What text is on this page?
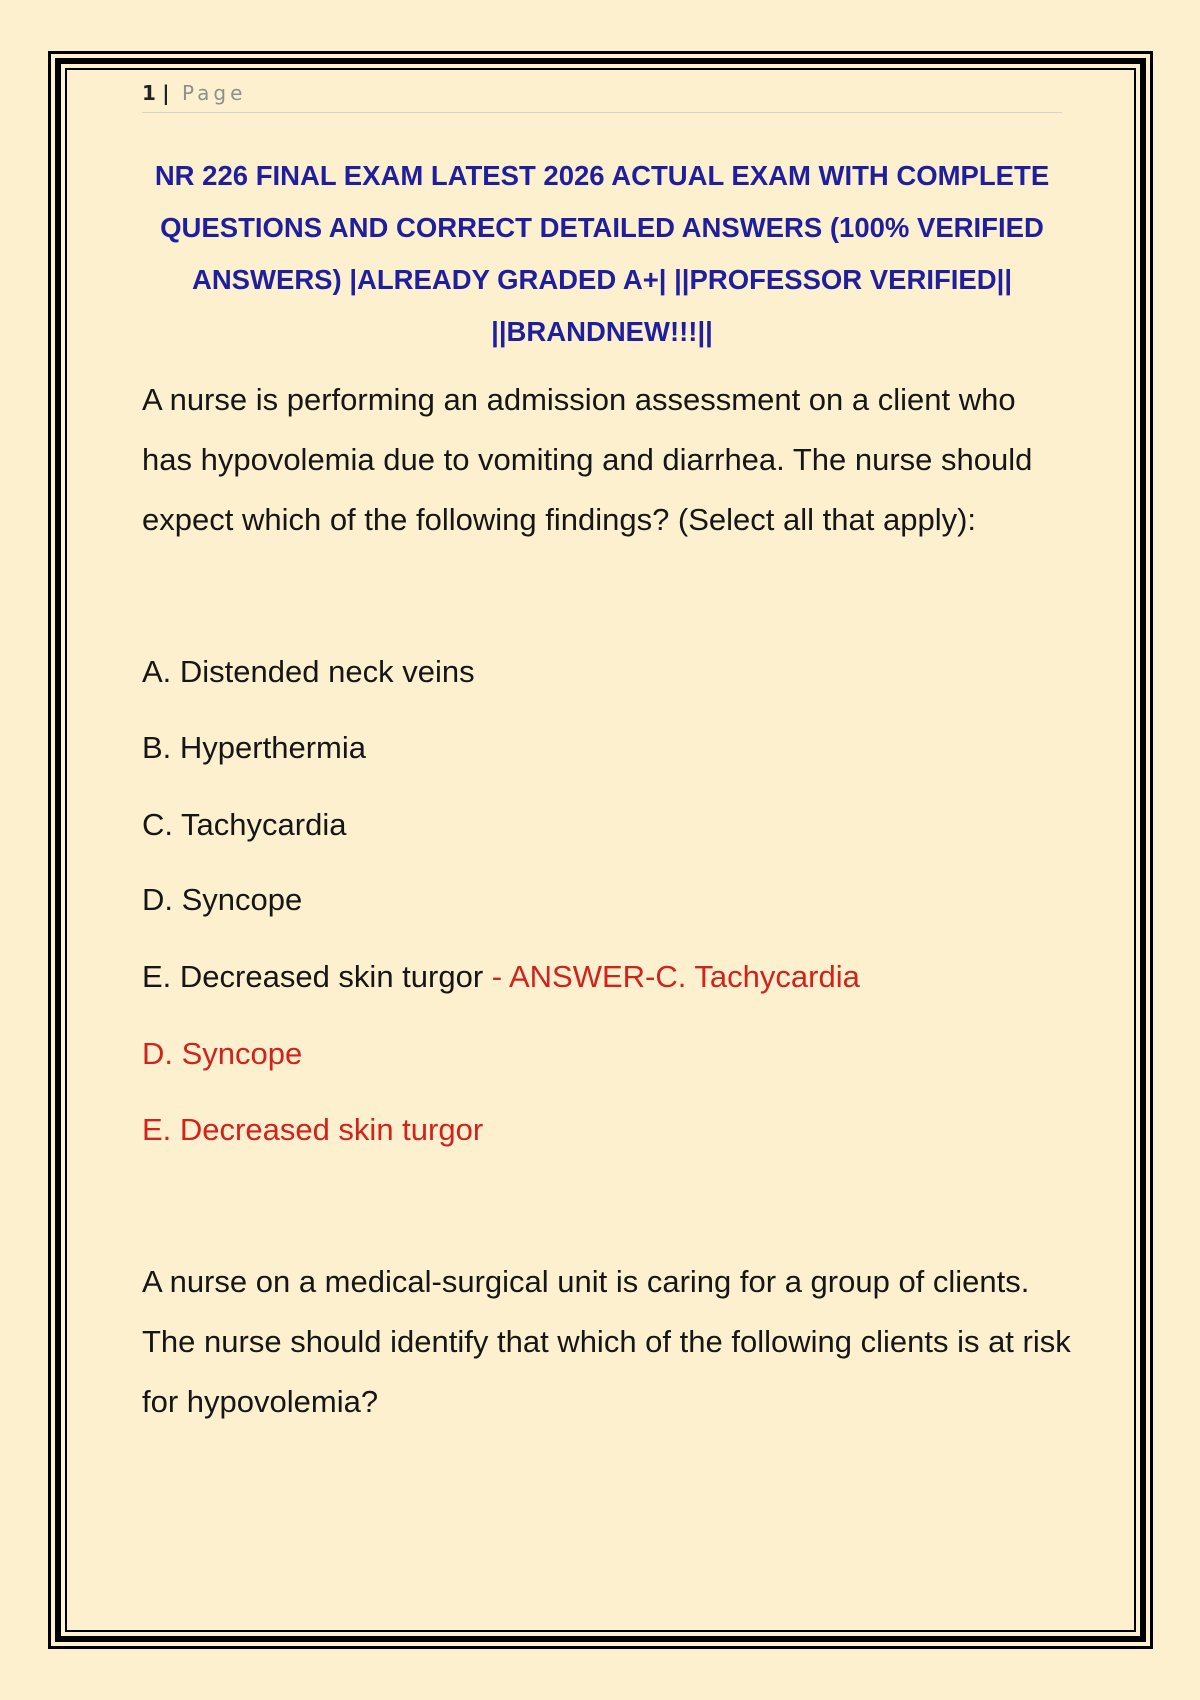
1 | Page
NR 226 FINAL EXAM LATEST 2026 ACTUAL EXAM WITH COMPLETE QUESTIONS AND CORRECT DETAILED ANSWERS (100% VERIFIED ANSWERS) |ALREADY GRADED A+| ||PROFESSOR VERIFIED|| ||BRANDNEW!!!||

A nurse is performing an admission assessment on a client who has hypovolemia due to vomiting and diarrhea. The nurse should expect which of the following findings? (Select all that apply):

A. Distended neck veins

B. Hyperthermia

C. Tachycardia

D. Syncope

E. Decreased skin turgor - ANSWER-C. Tachycardia

D. Syncope

E. Decreased skin turgor

A nurse on a medical-surgical unit is caring for a group of clients. The nurse should identify that which of the following clients is at risk for hypovolemia?
